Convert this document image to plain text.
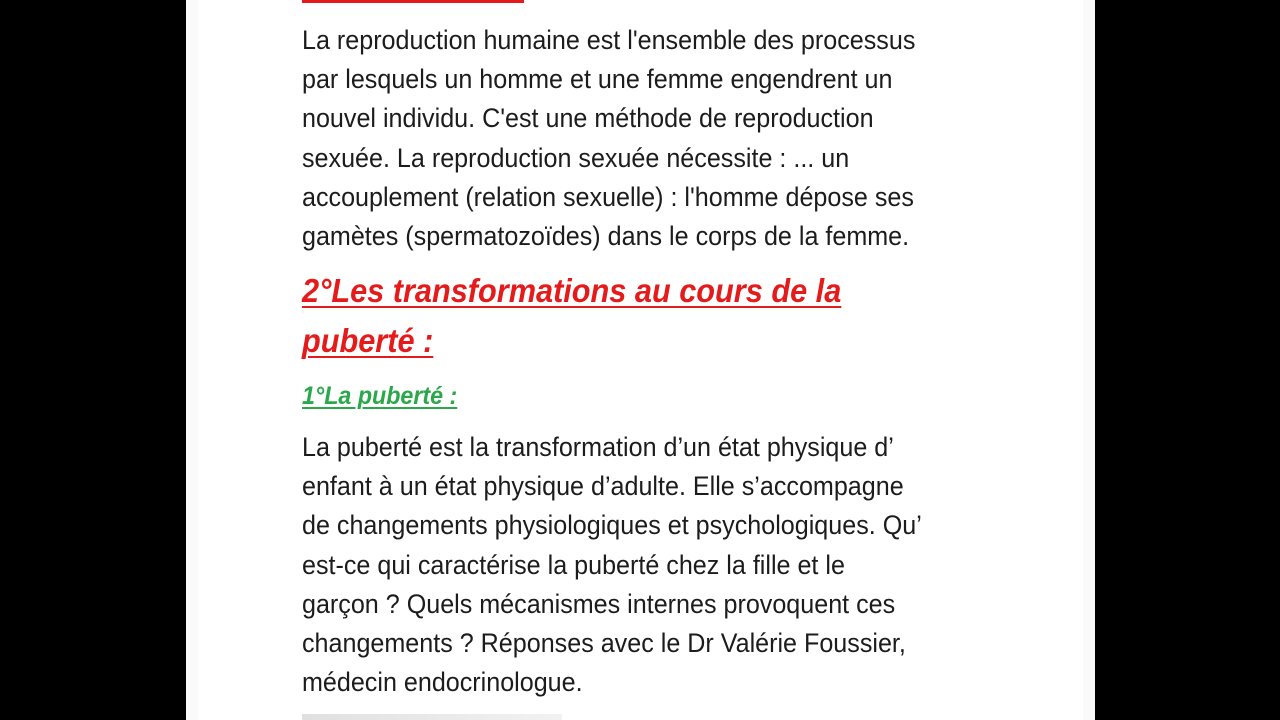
La reproduction humaine est l'ensemble des processus
par lesquels un homme et une femme engendrent un
nouvel individu. C'est une méthode de reproduction
sexuée. La reproduction sexuée nécessite : ... un
accouplement (relation sexuelle) : l'homme dépose ses
gamètes (spermatozoïdes) dans le corps de la femme.

2°Les transformations au cours de la
puberté :
1°La puberté :

La puberté est la transformation d’un état physique d’
enfant à un état physique d’adulte. Elle s’accompagne
de changements physiologiques et psychologiques. Qu’
est-ce qui caractérise la puberté chez la fille et le
garçon ? Quels mécanismes internes provoquent ces
changements ? Réponses avec le Dr Valérie Foussier,
médecin endocrinologue.
